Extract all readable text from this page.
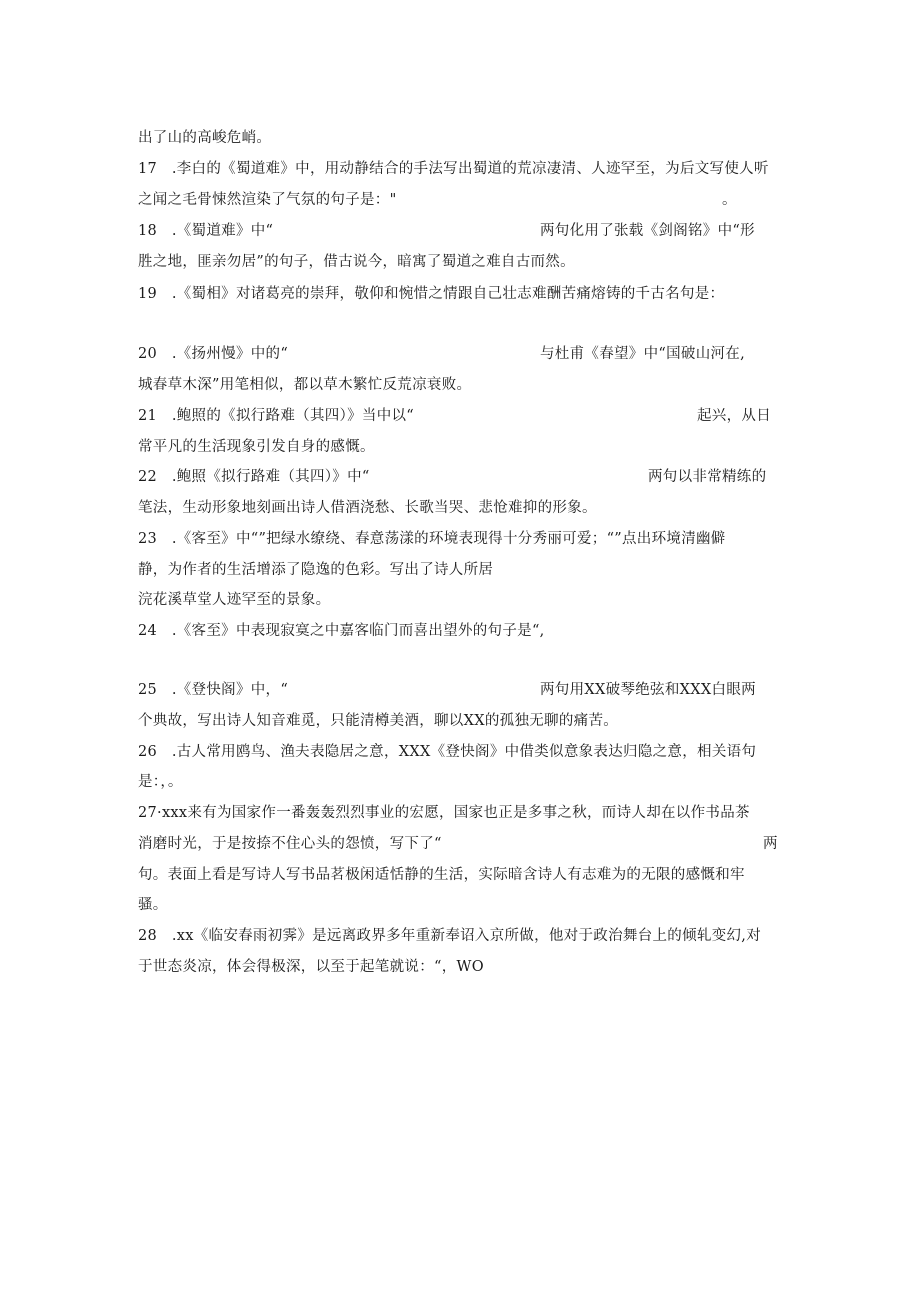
出了山的高峻危峭。
17　.李白的《蜀道难》中，用动静结合的手法写出蜀道的荒凉凄清、人迹罕至，为后文写使人听
之闻之毛骨悚然渲染了气氛的句子是："	。
18　.《蜀道难》中“	两句化用了张载《剑阁铭》中“形
胜之地，匪亲勿居”的句子，借古说今，暗寓了蜀道之难自古而然。
19　.《蜀相》对诸葛亮的崇拜，敬仰和惋惜之情跟自己壮志难酬苦痛熔铸的千古名句是：
20　.《扬州慢》中的“	与杜甫《春望》中“国破山河在,
城春草木深”用笔相似，都以草木繁忙反荒凉衰败。
21　.鲍照的《拟行路难（其四）》当中以“	起兴，从日
常平凡的生活现象引发自身的感慨。
22　.鲍照《拟行路难（其四）》中“	两句以非常精练的
笔法，生动形象地刻画出诗人借酒浇愁、长歌当哭、悲怆难抑的形象。
23　.《客至》中“”把绿水缭绕、春意荡漾的环境表现得十分秀丽可爱；“”点出环境清幽僻
静，为作者的生活增添了隐逸的色彩。写出了诗人所居
浣花溪草堂人迹罕至的景象。
24　.《客至》中表现寂寞之中嘉客临门而喜出望外的句子是“,
25　.《登快阁》中，“	两句用XX破琴绝弦和XXX白眼两
个典故，写出诗人知音难觅，只能清樽美酒，聊以XX的孤独无聊的痛苦。
26　.古人常用鸥鸟、渔夫表隐居之意，XXX《登快阁》中借类似意象表达归隐之意，相关语句
是：，。
27·xxx来有为国家作一番轰轰烈烈事业的宏愿，国家也正是多事之秋，而诗人却在以作书品茶
消磨时光，于是按捺不住心头的怨愤，写下了“	两
句。表面上看是写诗人写书品茗极闲适恬静的生活，实际暗含诗人有志难为的无限的感慨和牢
骚。
28　.xx《临安春雨初霁》是远离政界多年重新奉诏入京所做，他对于政治舞台上的倾轧变幻,对
于世态炎凉，体会得极深，以至于起笔就说：“，WO
